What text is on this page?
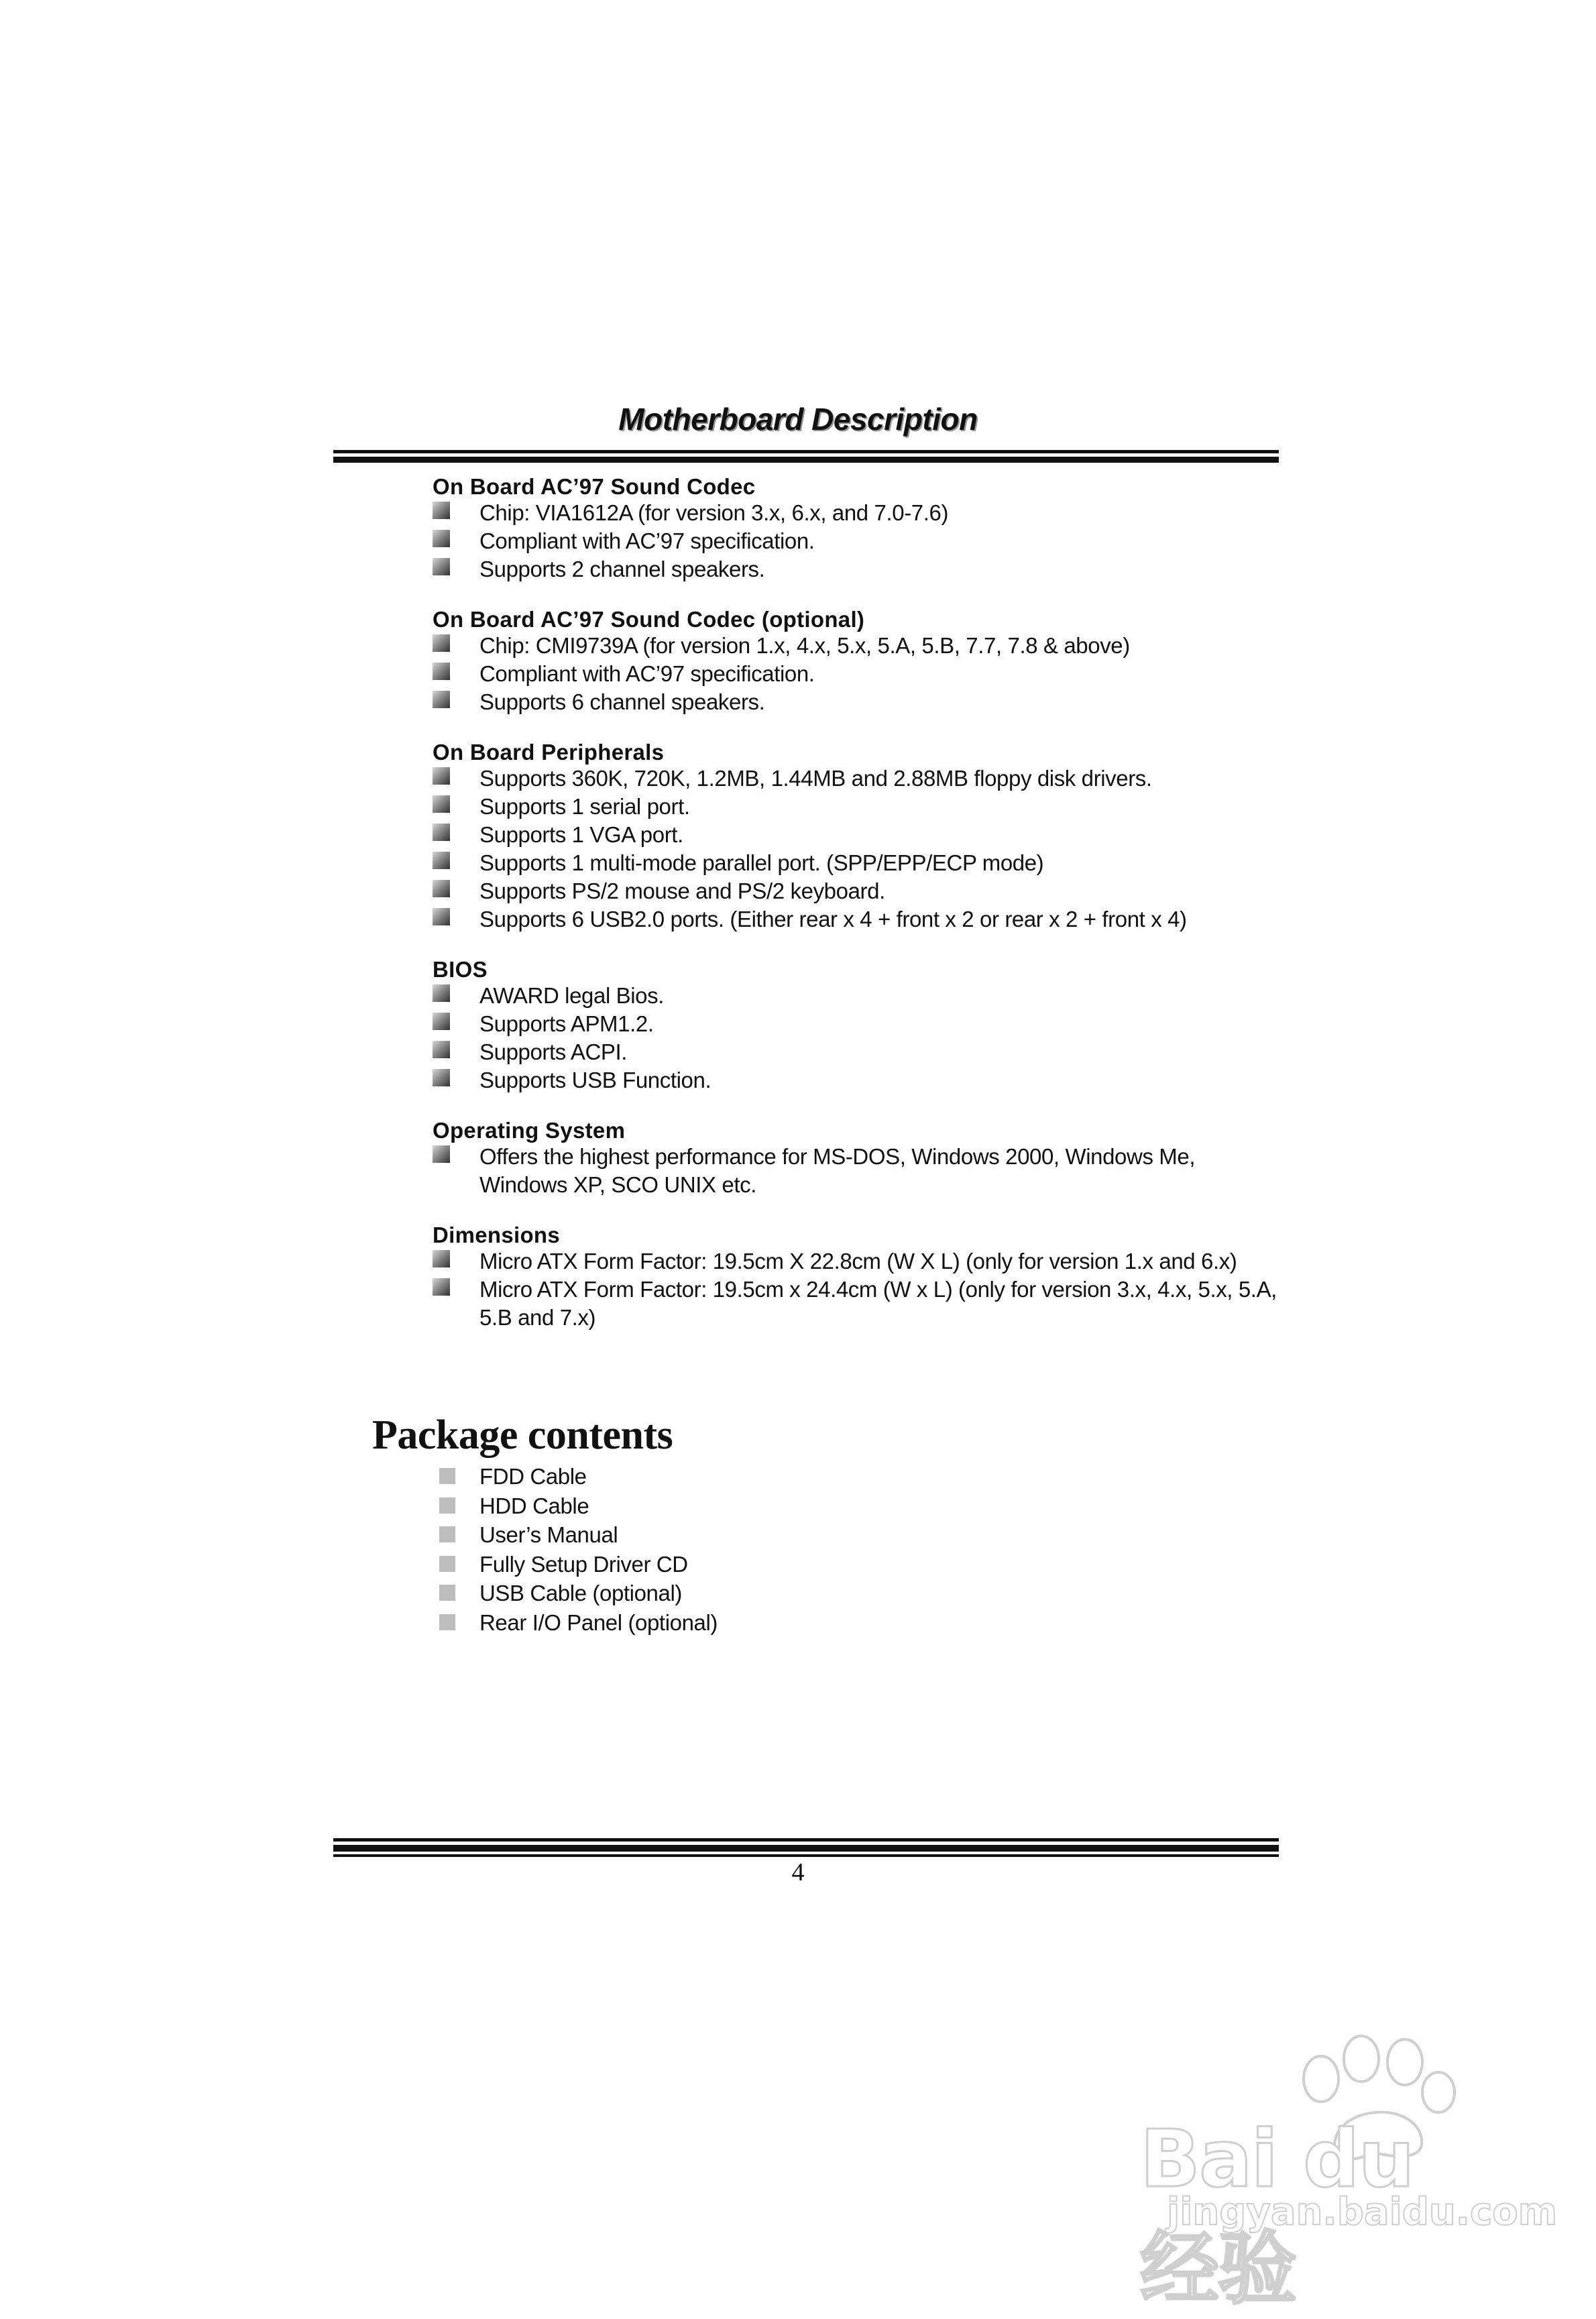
Motherboard Description
On Board AC’97 Sound Codec
Chip: VIA1612A (for version 3.x, 6.x, and 7.0-7.6)
Compliant with AC’97 specification.
Supports 2 channel speakers.
On Board AC’97 Sound Codec (optional)
Chip: CMI9739A (for version 1.x, 4.x, 5.x, 5.A, 5.B, 7.7, 7.8 & above)
Compliant with AC’97 specification.
Supports 6 channel speakers.
On Board Peripherals
Supports 360K, 720K, 1.2MB, 1.44MB and 2.88MB floppy disk drivers.
Supports 1 serial port.
Supports 1 VGA port.
Supports 1 multi-mode parallel port. (SPP/EPP/ECP mode)
Supports PS/2 mouse and PS/2 keyboard.
Supports 6 USB2.0 ports. (Either rear x 4 + front x 2 or rear x 2 + front x 4)
BIOS
AWARD legal Bios.
Supports APM1.2.
Supports ACPI.
Supports USB Function.
Operating System
Offers the highest performance for MS-DOS, Windows 2000, Windows Me, Windows XP, SCO UNIX etc.
Dimensions
Micro ATX Form Factor: 19.5cm X 22.8cm (W X L) (only for version 1.x and 6.x)
Micro ATX Form Factor: 19.5cm x 24.4cm (W x L) (only for version 3.x, 4.x, 5.x, 5.A, 5.B and 7.x)
Package contents
FDD Cable
HDD Cable
User’s Manual
Fully Setup Driver CD
USB Cable (optional)
Rear I/O Panel (optional)
4
Bai du 经验
jingyan.baidu.com
